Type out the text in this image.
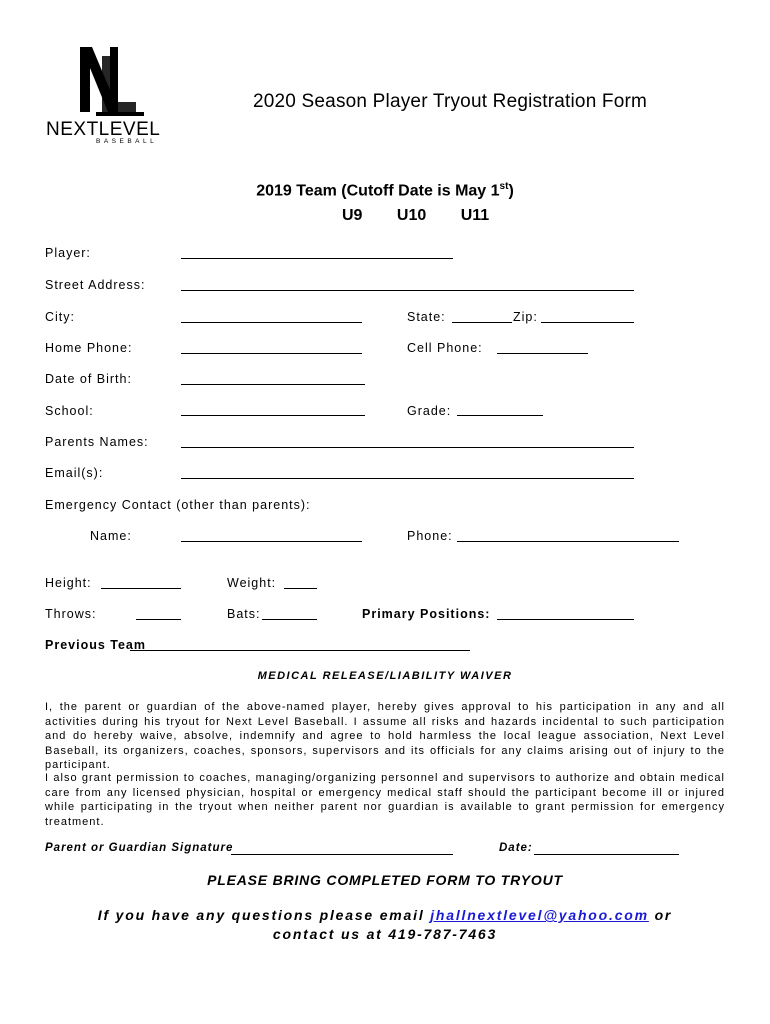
NEXTLEVEL
BASEBALL
2020 Season Player Tryout Registration Form
2019 Team (Cutoff Date is May 1st)
U9 U10 U11
Player:
Street Address:
City:	State:	Zip:
Home Phone:	Cell Phone:
Date of Birth:
School:	Grade:
Parents Names:
Email(s):
Emergency Contact (other than parents):
Name:	Phone:
Height:	Weight:
Throws:	Bats:	Primary Positions:
Previous Team
MEDICAL RELEASE/LIABILITY WAIVER
I, the parent or guardian of the above-named player, hereby gives approval to his participation in any and all activities during his tryout for Next Level Baseball. I assume all risks and hazards incidental to such participation and do hereby waive, absolve, indemnify and agree to hold harmless the local league association, Next Level Baseball, its organizers, coaches, sponsors, supervisors and its officials for any claims arising out of injury to the participant.
I also grant permission to coaches, managing/organizing personnel and supervisors to authorize and obtain medical care from any licensed physician, hospital or emergency medical staff should the participant become ill or injured while participating in the tryout when neither parent nor guardian is available to grant permission for emergency treatment.
Parent or Guardian Signature	Date:
PLEASE BRING COMPLETED FORM TO TRYOUT
If you have any questions please email jhallnextlevel@yahoo.com or
contact us at 419-787-7463
